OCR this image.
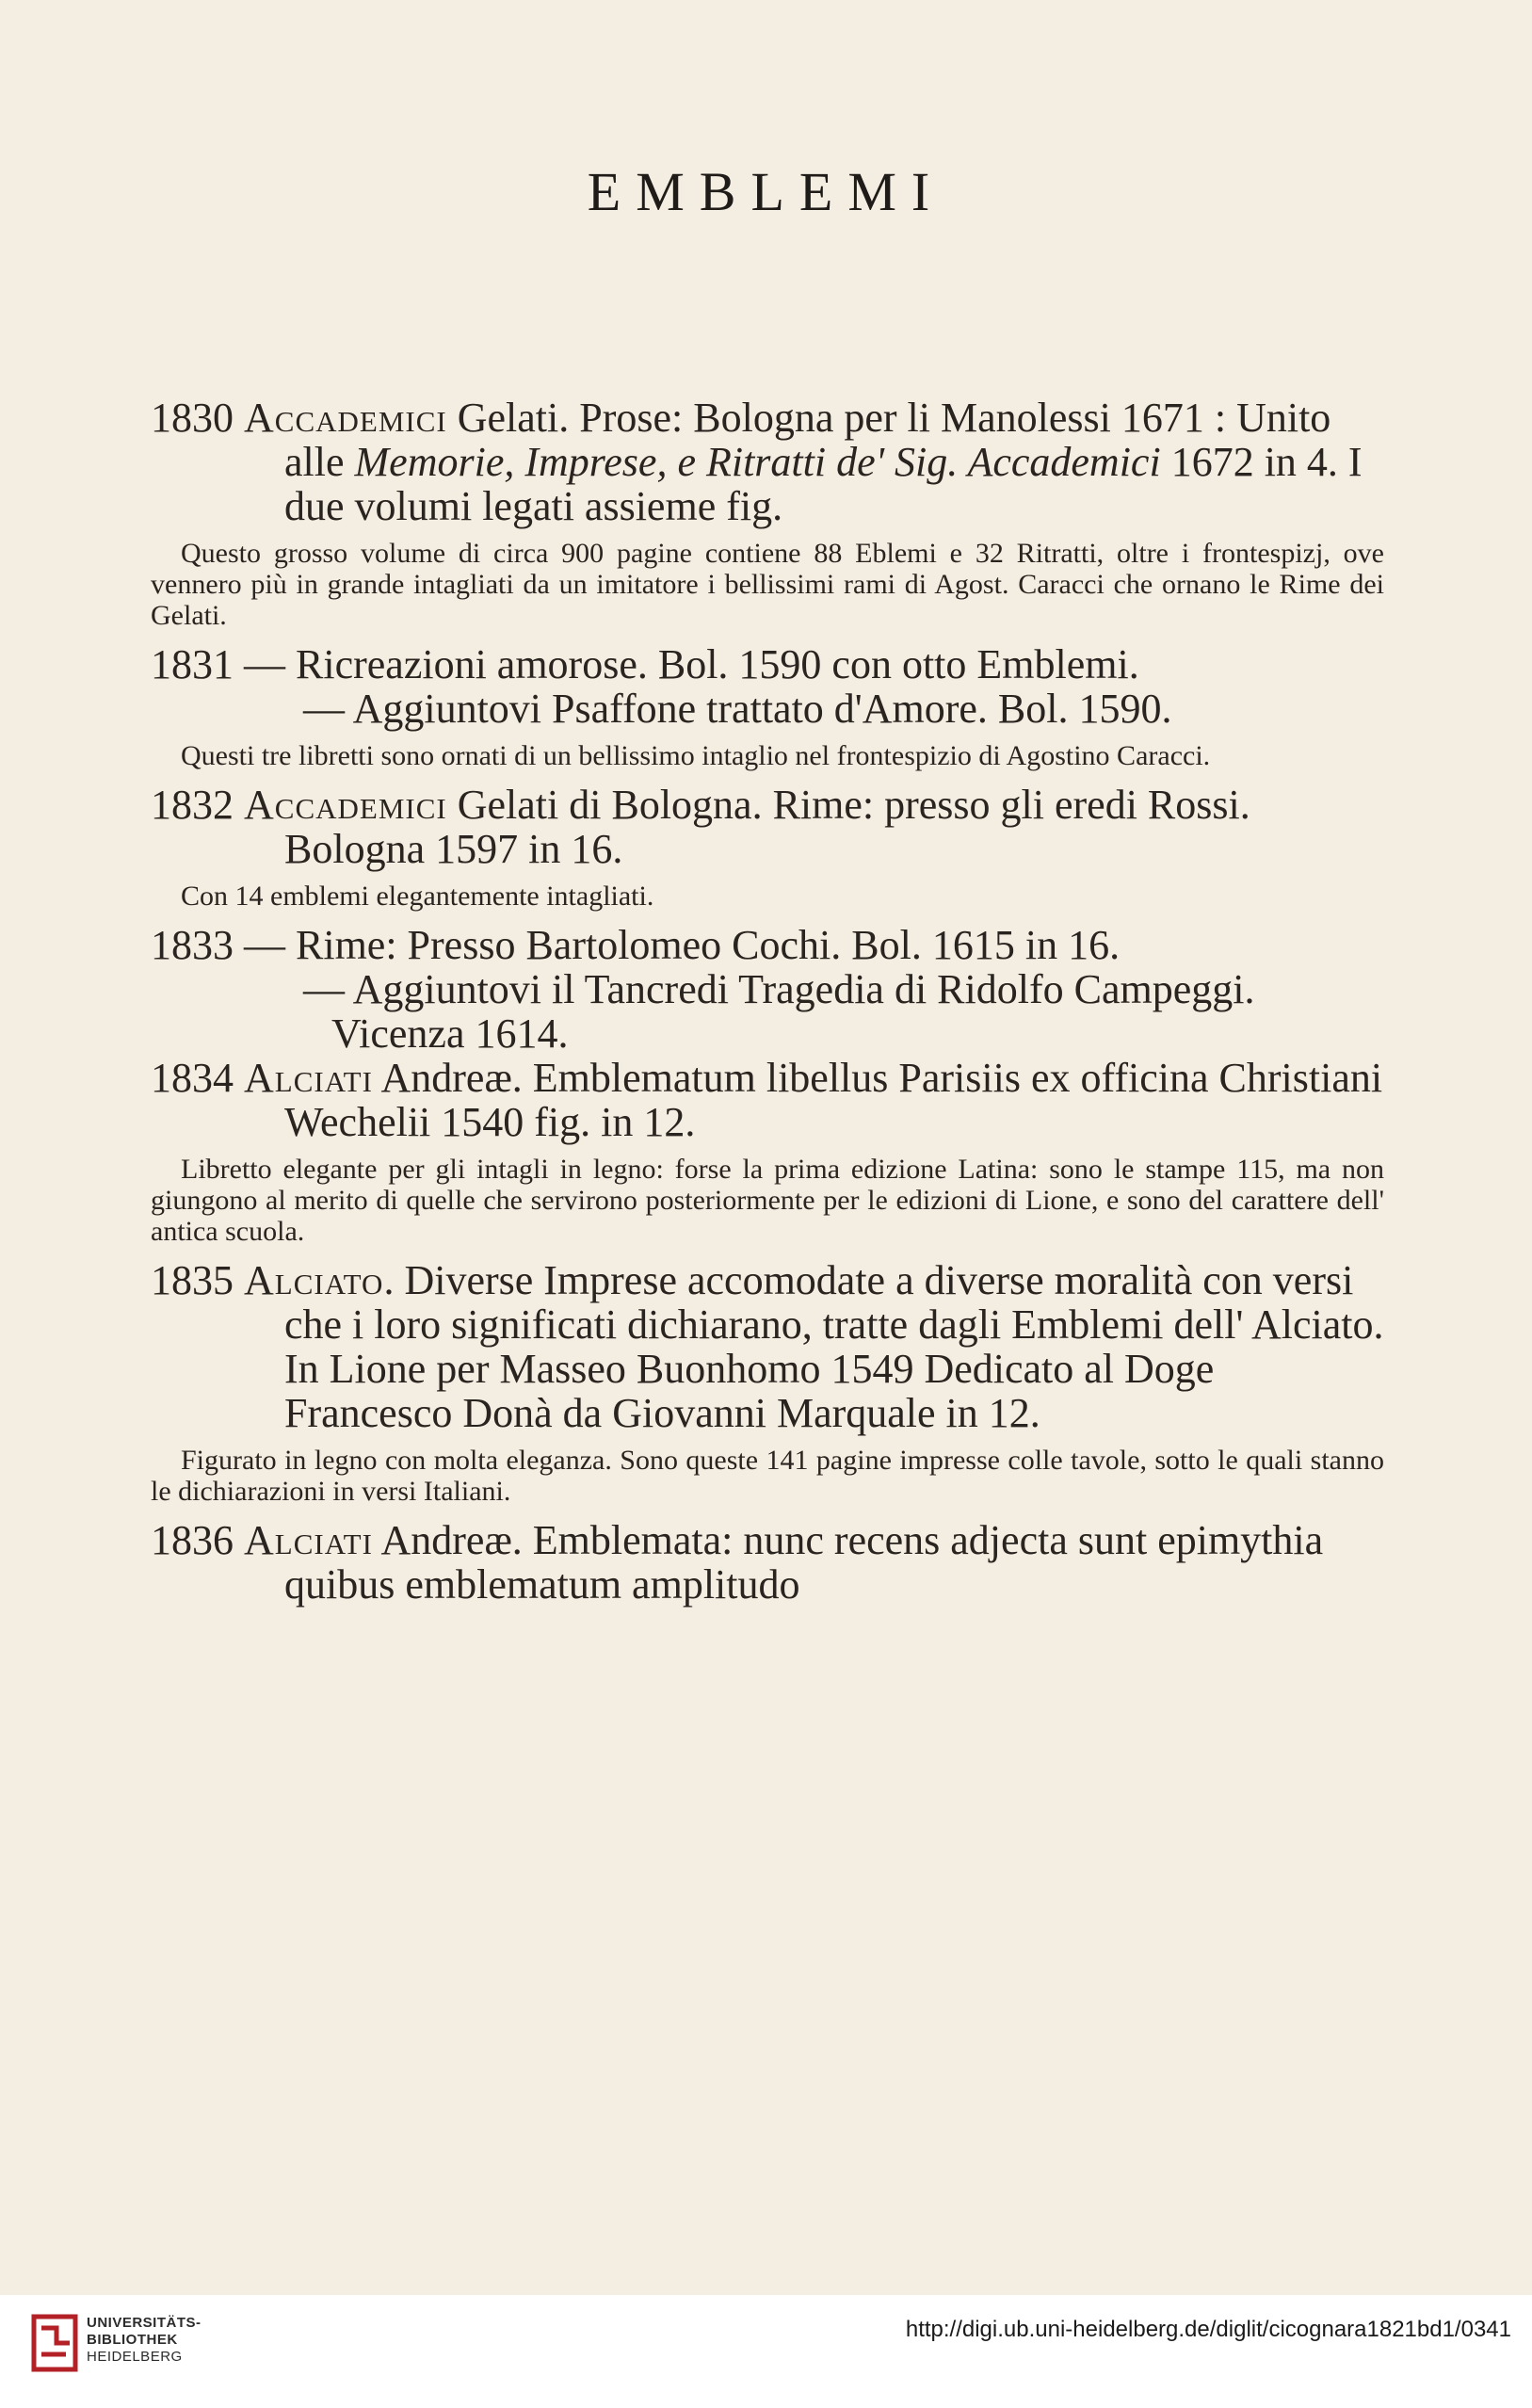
EMBLEMI
1830 Accademici Gelati. Prose: Bologna per li Manolessi 1671 : Unito alle Memorie, Imprese, e Ritratti de' Sig. Accademici 1672 in 4. I due volumi legati assieme fig.

Questo grosso volume di circa 900 pagine contiene 88 Eblemi e 32 Ritratti, oltre i frontespizj, ove vennero più in grande intagliati da un imitatore i bellissimi rami di Agost. Caracci che ornano le Rime dei Gelati.

1831 — Ricreazioni amorose. Bol. 1590 con otto Emblemi.
— Aggiuntovi Psaffone trattato d'Amore. Bol. 1590.

Questi tre libretti sono ornati di un bellissimo intaglio nel frontespizio di Agostino Caracci.

1832 Accademici Gelati di Bologna. Rime: presso gli eredi Rossi. Bologna 1597 in 16.

Con 14 emblemi elegantemente intagliati.

1833 — Rime: Presso Bartolomeo Cochi. Bol. 1615 in 16.
— Aggiuntovi il Tancredi Tragedia di Ridolfo Campeggi. Vicenza 1614.
1834 Alciati Andreæ. Emblematum libellus Parisiis ex officina Christiani Wechelii 1540 fig. in 12.

Libretto elegante per gli intagli in legno: forse la prima edizione Latina: sono le stampe 115, ma non giungono al merito di quelle che servirono posteriormente per le edizioni di Lione, e sono del carattere dell' antica scuola.

1835 Alciato. Diverse Imprese accomodate a diverse moralità con versi che i loro significati dichiarano, tratte dagli Emblemi dell' Alciato. In Lione per Masseo Buonhomo 1549 Dedicato al Doge Francesco Donà da Giovanni Marquale in 12.

Figurato in legno con molta eleganza. Sono queste 141 pagine impresse colle tavole, sotto le quali stanno le dichiarazioni in versi Italiani.

1836 Alciati Andreæ. Emblemata: nunc recens adjecta sunt epimythia quibus emblematum amplitudo
UNIVERSITÄTS-
BIBLIOTHEK
HEIDELBERG
http://digi.ub.uni-heidelberg.de/diglit/cicognara1821bd1/0341
